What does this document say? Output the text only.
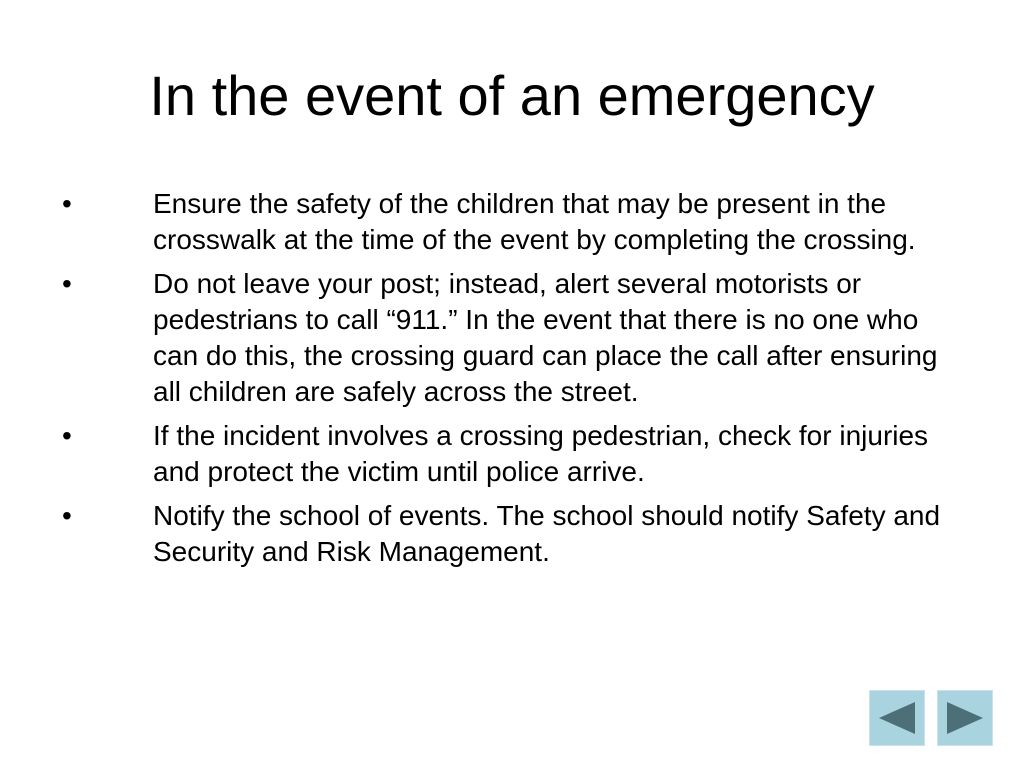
In the event of an emergency
•	Ensure the safety of the children that may be present in the crosswalk at the time of the event by completing the crossing.
•	Do not leave your post; instead, alert several motorists or pedestrians to call “911.” In the event that there is no one who can do this, the crossing guard can place the call after ensuring all children are safely across the street.
•	If the incident involves a crossing pedestrian, check for injuries and protect the victim until police arrive.
•	Notify the school of events. The school should notify Safety and Security and Risk Management.
